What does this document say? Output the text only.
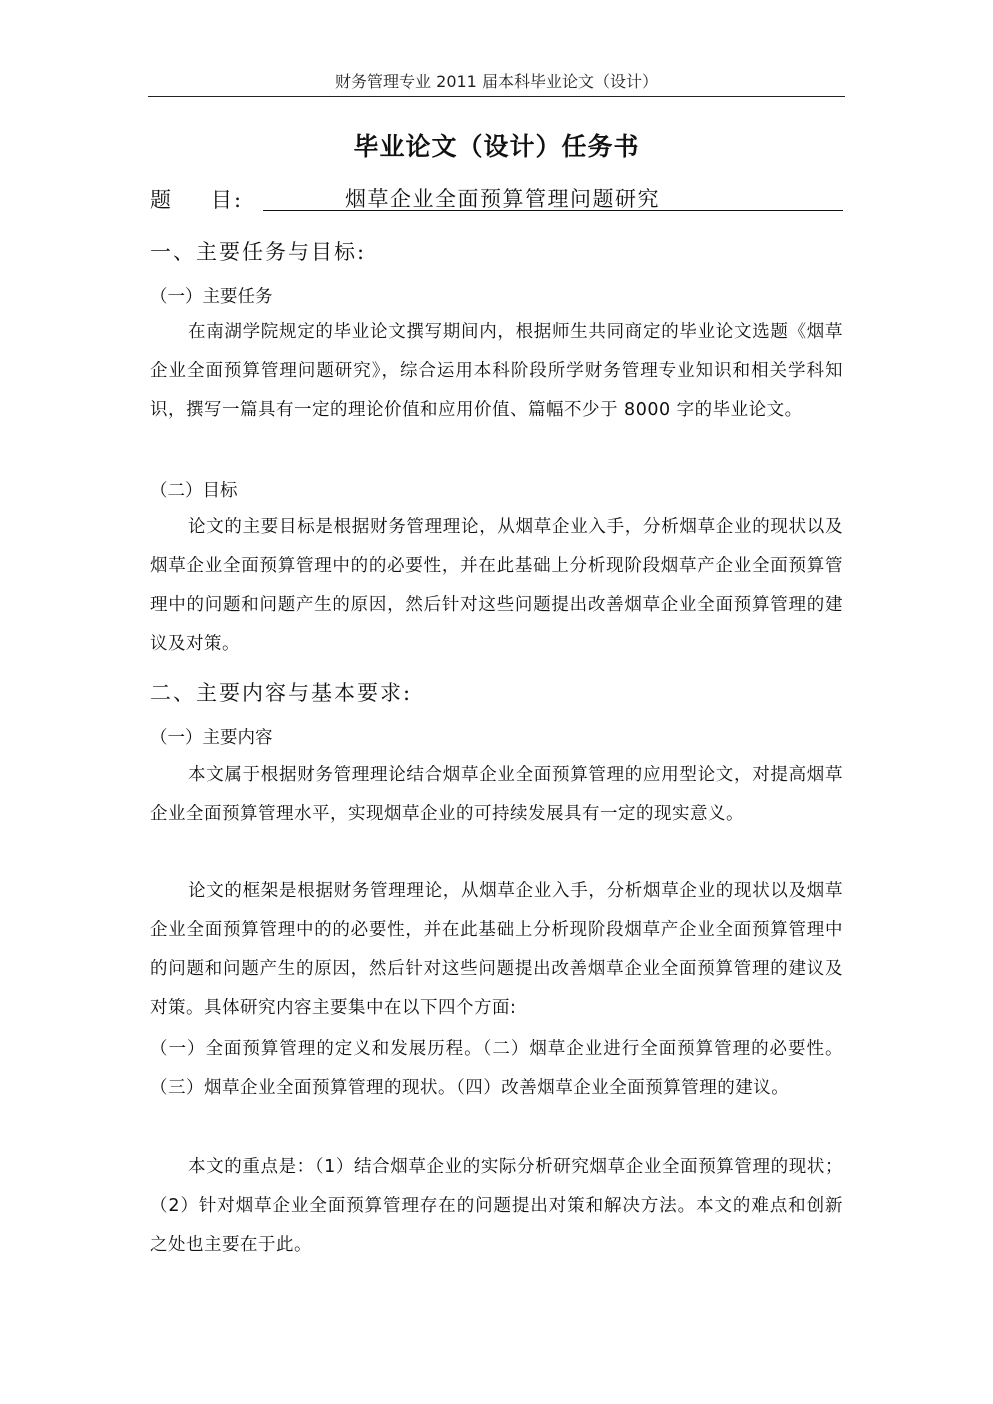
财务管理专业 2011 届本科毕业论文（设计）
毕业论文（设计）任务书
题 目:	烟草企业全面预算管理问题研究
一、主要任务与目标:
（一）主要任务
在南湖学院规定的毕业论文撰写期间内，根据师生共同商定的毕业论文选题《烟草企业全面预算管理问题研究》，综合运用本科阶段所学财务管理专业知识和相关学科知识，撰写一篇具有一定的理论价值和应用价值、篇幅不少于 8000 字的毕业论文。
（二）目标
论文的主要目标是根据财务管理理论，从烟草企业入手，分析烟草企业的现状以及烟草企业全面预算管理中的的必要性，并在此基础上分析现阶段烟草产企业全面预算管理中的问题和问题产生的原因，然后针对这些问题提出改善烟草企业全面预算管理的建议及对策。
二、主要内容与基本要求:
（一）主要内容
本文属于根据财务管理理论结合烟草企业全面预算管理的应用型论文，对提高烟草企业全面预算管理水平，实现烟草企业的可持续发展具有一定的现实意义。
论文的框架是根据财务管理理论，从烟草企业入手，分析烟草企业的现状以及烟草企业全面预算管理中的的必要性，并在此基础上分析现阶段烟草产企业全面预算管理中的问题和问题产生的原因，然后针对这些问题提出改善烟草企业全面预算管理的建议及对策。具体研究内容主要集中在以下四个方面:
（一）全面预算管理的定义和发展历程。（二）烟草企业进行全面预算管理的必要性。（三）烟草企业全面预算管理的现状。（四）改善烟草企业全面预算管理的建议。
本文的重点是：（1）结合烟草企业的实际分析研究烟草企业全面预算管理的现状；（2）针对烟草企业全面预算管理存在的问题提出对策和解决方法。本文的难点和创新之处也主要在于此。
